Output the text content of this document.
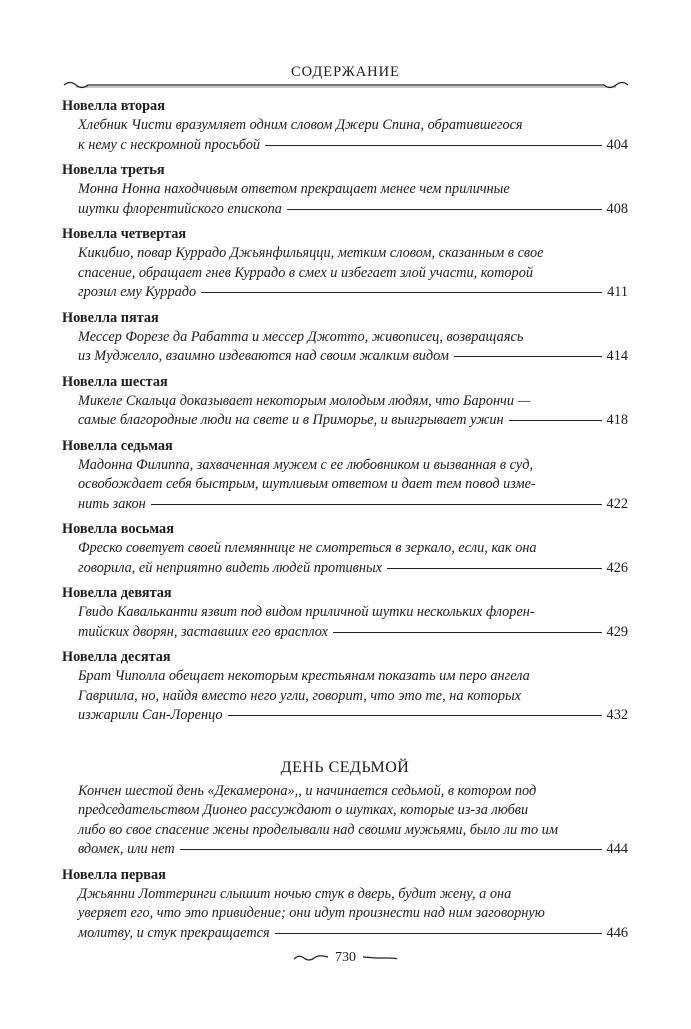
СОДЕРЖАНИЕ
Новелла вторая
Хлебник Чисти вразумляет одним словом Джери Спина, обратившегося
к нему с нескромной просьбой	404
Новелла третья
Монна Нонна находчивым ответом прекращает менее чем приличные
шутки флорентийского епископа	408
Новелла четвертая
Кикибио, повар Куррадо Джьянфильяцци, метким словом, сказанным в свое
спасение, обращает гнев Куррадо в смех и избегает злой участи, которой
грозил ему Куррадо	411
Новелла пятая
Мессер Форезе да Рабатта и мессер Джотто, живописец, возвращаясь
из Муджелло, взаимно издеваются над своим жалким видом	414
Новелла шестая
Микеле Скальца доказывает некоторым молодым людям, что Барончи —
самые благородные люди на свете и в Приморье, и выигрывает ужин	418
Новелла седьмая
Мадонна Филиппа, захваченная мужем с ее любовником и вызванная в суд,
освобождает себя быстрым, шутливым ответом и дает тем повод изме-
нить закон	422
Новелла восьмая
Фреско советует своей племяннице не смотреться в зеркало, если, как она
говорила, ей неприятно видеть людей противных	426
Новелла девятая
Гвидо Кавальканти язвит под видом приличной шутки нескольких флорен-
тийских дворян, заставших его врасплох	429
Новелла десятая
Брат Чиполла обещает некоторым крестьянам показать им перо ангела
Гавриила, но, найдя вместо него угли, говорит, что это те, на которых
изжарили Сан-Лоренцо	432
ДЕНЬ СЕДЬМОЙ
Кончен шестой день «Декамерона»,, и начинается седьмой, в котором под
председательством Дионео рассуждают о шутках, которые из-за любви
либо во свое спасение жены проделывали над своими мужьями, было ли то им
вдомек, или нет	444
Новелла первая
Джьянни Лоттеринги слышит ночью стук в дверь, будит жену, а она
уверяет его, что это привидение; они идут произнести над ним заговорную
молитву, и стук прекращается	446
730
